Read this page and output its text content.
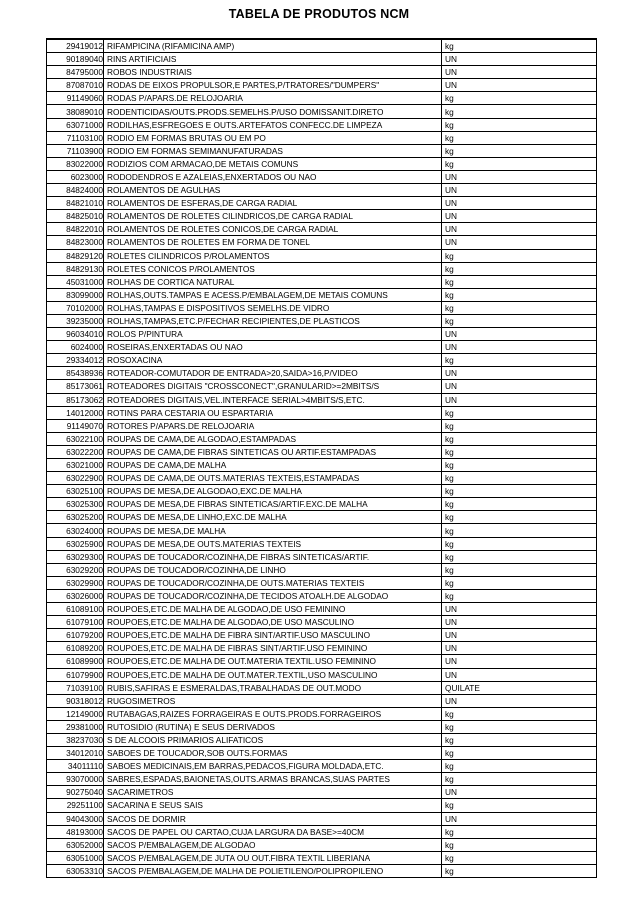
TABELA DE PRODUTOS NCM
29419012	RIFAMPICINA (RIFAMICINA AMP)	kg
90189040	RINS ARTIFICIAIS	UN
84795000	ROBOS INDUSTRIAIS	UN
87087010	RODAS DE EIXOS PROPULSOR,E PARTES,P/TRATORES/"DUMPERS"	UN
91149060	RODAS P/APARS.DE RELOJOARIA	kg
38089010	RODENTICIDAS/OUTS.PRODS.SEMELHS.P/USO DOMISSANIT.DIRETO	kg
63071000	RODILHAS,ESFREGOES E OUTS.ARTEFATOS CONFECC.DE LIMPEZA	kg
71103100	RODIO EM FORMAS BRUTAS OU EM PO	kg
71103900	RODIO EM FORMAS SEMIMANUFATURADAS	kg
83022000	RODIZIOS COM ARMACAO,DE METAIS COMUNS	kg
6023000	RODODENDROS E AZALEIAS,ENXERTADOS OU NAO	UN
84824000	ROLAMENTOS DE AGULHAS	UN
84821010	ROLAMENTOS DE ESFERAS,DE CARGA RADIAL	UN
84825010	ROLAMENTOS DE ROLETES CILINDRICOS,DE CARGA RADIAL	UN
84822010	ROLAMENTOS DE ROLETES CONICOS,DE CARGA RADIAL	UN
84823000	ROLAMENTOS DE ROLETES EM FORMA DE TONEL	UN
84829120	ROLETES CILINDRICOS P/ROLAMENTOS	kg
84829130	ROLETES CONICOS P/ROLAMENTOS	kg
45031000	ROLHAS DE CORTICA NATURAL	kg
83099000	ROLHAS,OUTS.TAMPAS E ACESS.P/EMBALAGEM,DE METAIS COMUNS	kg
70102000	ROLHAS,TAMPAS E DISPOSITIVOS SEMELHS.DE VIDRO	kg
39235000	ROLHAS,TAMPAS,ETC.P/FECHAR RECIPIENTES,DE PLASTICOS	kg
96034010	ROLOS P/PINTURA	UN
6024000	ROSEIRAS,ENXERTADAS OU NAO	UN
29334012	ROSOXACINA	kg
85438936	ROTEADOR-COMUTADOR DE ENTRADA>20,SAIDA>16,P/VIDEO	UN
85173061	ROTEADORES DIGITAIS "CROSSCONECT",GRANULARID>=2MBITS/S	UN
85173062	ROTEADORES DIGITAIS,VEL.INTERFACE SERIAL>4MBITS/S,ETC.	UN
14012000	ROTINS PARA CESTARIA OU ESPARTARIA	kg
91149070	ROTORES P/APARS.DE RELOJOARIA	kg
63022100	ROUPAS DE CAMA,DE ALGODAO,ESTAMPADAS	kg
63022200	ROUPAS DE CAMA,DE FIBRAS SINTETICAS OU ARTIF.ESTAMPADAS	kg
63021000	ROUPAS DE CAMA,DE MALHA	kg
63022900	ROUPAS DE CAMA,DE OUTS.MATERIAS TEXTEIS,ESTAMPADAS	kg
63025100	ROUPAS DE MESA,DE ALGODAO,EXC.DE MALHA	kg
63025300	ROUPAS DE MESA,DE FIBRAS SINTETICAS/ARTIF.EXC.DE MALHA	kg
63025200	ROUPAS DE MESA,DE LINHO,EXC.DE MALHA	kg
63024000	ROUPAS DE MESA,DE MALHA	kg
63025900	ROUPAS DE MESA,DE OUTS.MATERIAS TEXTEIS	kg
63029300	ROUPAS DE TOUCADOR/COZINHA,DE FIBRAS SINTETICAS/ARTIF.	kg
63029200	ROUPAS DE TOUCADOR/COZINHA,DE LINHO	kg
63029900	ROUPAS DE TOUCADOR/COZINHA,DE OUTS.MATERIAS TEXTEIS	kg
63026000	ROUPAS DE TOUCADOR/COZINHA,DE TECIDOS ATOALH.DE ALGODAO	kg
61089100	ROUPOES,ETC.DE MALHA DE ALGODAO,DE USO FEMININO	UN
61079100	ROUPOES,ETC.DE MALHA DE ALGODAO,DE USO MASCULINO	UN
61079200	ROUPOES,ETC.DE MALHA DE FIBRA SINT/ARTIF.USO MASCULINO	UN
61089200	ROUPOES,ETC.DE MALHA DE FIBRAS SINT/ARTIF.USO FEMININO	UN
61089900	ROUPOES,ETC.DE MALHA DE OUT.MATERIA TEXTIL.USO FEMININO	UN
61079900	ROUPOES,ETC.DE MALHA DE OUT.MATER.TEXTIL,USO MASCULINO	UN
71039100	RUBIS,SAFIRAS E ESMERALDAS,TRABALHADAS DE OUT.MODO	QUILATE
90318012	RUGOSIMETROS	UN
12149000	RUTABAGAS,RAIZES FORRAGEIRAS E OUTS.PRODS.FORRAGEIROS	kg
29381000	RUTOSIDIO (RUTINA) E SEUS DERIVADOS	kg
38237030	S DE ALCOOIS PRIMARIOS ALIFATICOS	kg
34012010	SABOES DE TOUCADOR,SOB OUTS.FORMAS	kg
34011110	SABOES MEDICINAIS,EM BARRAS,PEDACOS,FIGURA MOLDADA,ETC.	kg
93070000	SABRES,ESPADAS,BAIONETAS,OUTS.ARMAS BRANCAS,SUAS PARTES	kg
90275040	SACARIMETROS	UN
29251100	SACARINA E SEUS SAIS	kg
94043000	SACOS DE DORMIR	UN
48193000	SACOS DE PAPEL OU CARTAO,CUJA LARGURA DA BASE>=40CM	kg
63052000	SACOS P/EMBALAGEM,DE ALGODAO	kg
63051000	SACOS P/EMBALAGEM,DE JUTA OU OUT.FIBRA TEXTIL LIBERIANA	kg
63053310	SACOS P/EMBALAGEM,DE MALHA DE POLIETILENO/POLIPROPILENO	kg
